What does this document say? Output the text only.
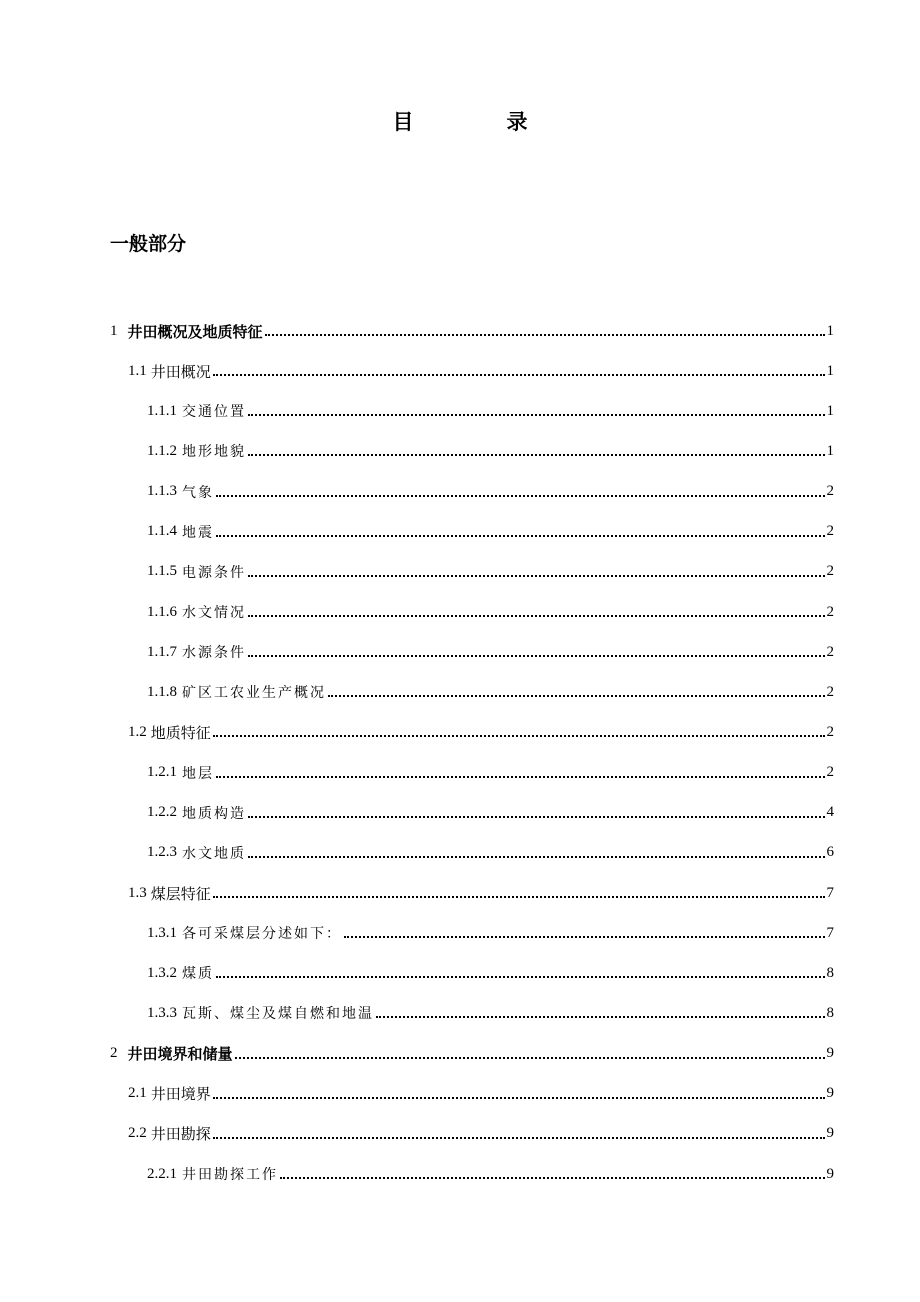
目　录
一般部分
1 井田概况及地质特征	1
1.1 井田概况	1
1.1.1 交通位置	1
1.1.2 地形地貌	1
1.1.3 气象	2
1.1.4 地震	2
1.1.5 电源条件	2
1.1.6 水文情况	2
1.1.7 水源条件	2
1.1.8 矿区工农业生产概况	2
1.2 地质特征	2
1.2.1 地层	2
1.2.2 地质构造	4
1.2.3 水文地质	6
1.3 煤层特征	7
1.3.1 各可采煤层分述如下：	7
1.3.2 煤质	8
1.3.3 瓦斯、煤尘及煤自燃和地温	8
2 井田境界和储量	9
2.1 井田境界	9
2.2 井田勘探	9
2.2.1 井田勘探工作	9
